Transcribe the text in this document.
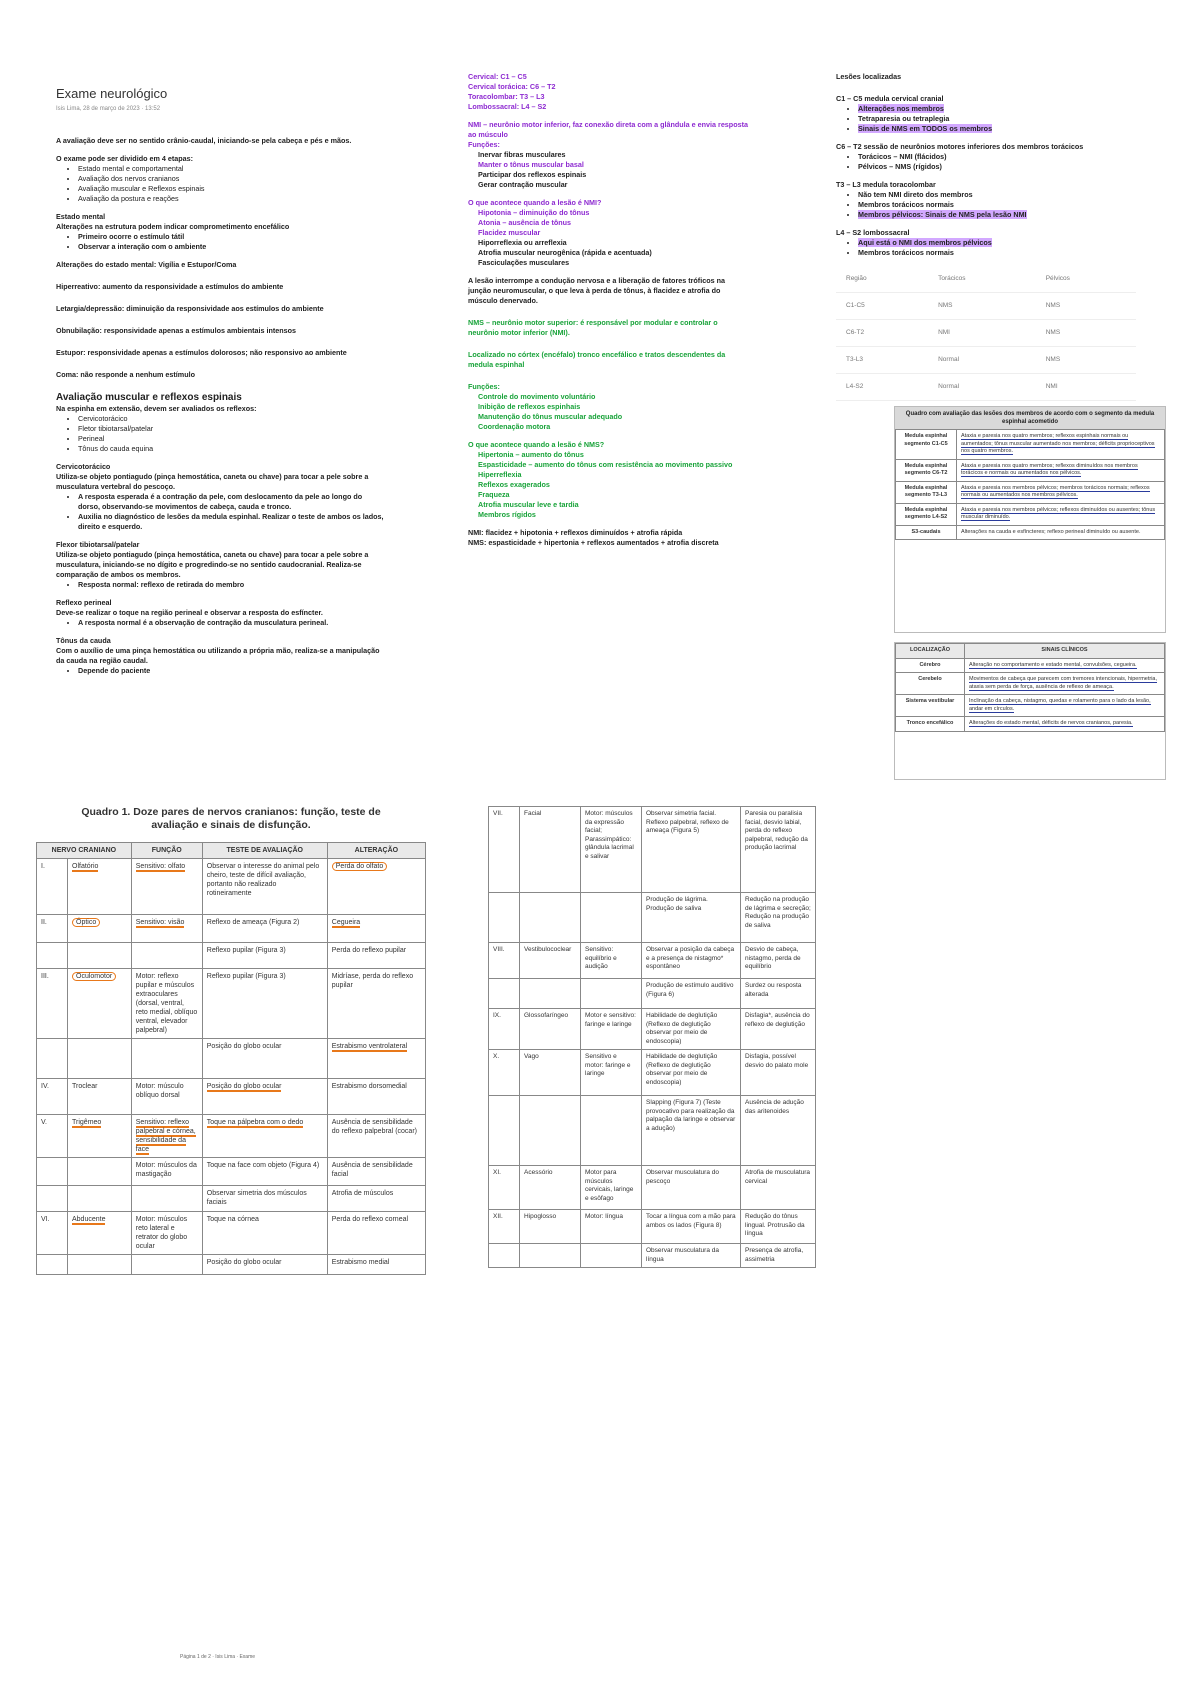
Exame neurológico
Isis Lima, 28 de março de 2023 · 13:52

A avaliação deve ser no sentido crânio-caudal, iniciando-se pela cabeça e pés e mãos.

O exame pode ser dividido em 4 etapas:
• Estado mental e comportamental
• Avaliação dos nervos cranianos
• Avaliação muscular e Reflexos espinais
• Avaliação da postura e reações
Estado mental
Alterações na estrutura podem indicar comprometimento encefálico
• Primeiro ocorre o estímulo tátil
• Observar a interação com o ambiente

Alterações do estado mental: Vigília e Estupor/Coma

Hiperreativo: aumento da responsividade a estímulos do ambiente

Letargia/depressão: diminuição da responsividade aos estímulos do ambiente

Obnubilação: responsividade apenas a estímulos ambientais intensos

Estupor: responsividade apenas a estímulos dolorosos; não responsivo ao ambiente

Coma: não responde a nenhum estímulo

Avaliação muscular e reflexos espinais
Na espinha em extensão, devem ser avaliados os reflexos:
• Cervicotorácico
• Fletor tibiotarsal/patelar
• Perineal
• Tônus do cauda equina
Cervicotorácico
Utiliza-se objeto pontiagudo (pinça hemostática, caneta ou chave) para tocar a pele sobre a musculatura vertebral do pescoço.
• A resposta esperada é a contração da pele, com deslocamento da pele ao longo do dorso, observando-se movimentos de cabeça, cauda e tronco.
• Auxilia no diagnóstico de lesões da medula espinhal. Realizar o teste de ambos os lados, direito e esquerdo.
Flexor tibiotarsal/patelar
Utiliza-se objeto pontiagudo (pinça hemostática, caneta ou chave) para tocar a pele sobre a musculatura, iniciando-se no dígito e progredindo-se no sentido caudocranial. Realiza-se comparação de ambos os membros.
• Resposta normal: reflexo de retirada do membro
Reflexo perineal
Deve-se realizar o toque na região perineal e observar a resposta do esfíncter.
• A resposta normal é a observação de contração da musculatura perineal.
Tônus da cauda
Com o auxílio de uma pinça hemostática ou utilizando a própria mão, realiza-se a manipulação da cauda na região caudal.
• Depende do paciente
Cervical: C1 – C5
Cervical torácica: C6 – T2
Toracolombar: T3 – L3
Lombossacral: L4 – S2
NMI – neurônio motor inferior, faz conexão direta com a glândula e envia resposta ao músculo
Funções:
Inervar fibras musculares
Manter o tônus muscular basal
Participar dos reflexos espinais
Gerar contração muscular
O que acontece quando a lesão é NMI?
Hipotonia – diminuição do tônus
Atonia – ausência de tônus
Flacidez muscular
Hiporreflexia ou arreflexia
Atrofia muscular neurogênica (rápida e acentuada)
Fasciculações musculares

A lesão interrompe a condução nervosa e a liberação de fatores tróficos na junção neuromuscular, o que leva à perda de tônus, à flacidez e atrofia do músculo denervado.

NMS – neurônio motor superior: é responsável por modular e controlar o neurônio motor inferior (NMI).

Localizado no córtex (encéfalo) tronco encefálico e tratos descendentes da medula espinhal

Funções:
Controle do movimento voluntário
Inibição de reflexos espinhais
Manutenção do tônus muscular adequado
Coordenação motora
O que acontece quando a lesão é NMS?
Hipertonia – aumento do tônus
Espasticidade – aumento do tônus com resistência ao movimento passivo
Hiperreflexia
Reflexos exagerados
Fraqueza
Atrofia muscular leve e tardia
Membros rígidos
NMI: flacidez + hipotonia + reflexos diminuídos + atrofia rápida
NMS: espasticidade + hipertonia + reflexos aumentados + atrofia discreta

Lesões localizadas

C1 – C5 medula cervical cranial
• Alterações nos membros
• Tetraparesia ou tetraplegia
• Sinais de NMS em TODOS os membros
C6 – T2 sessão de neurônios motores inferiores dos membros torácicos
• Torácicos – NMI (flácidos)
• Pélvicos – NMS (rígidos)
T3 – L3 medula toracolombar
• Não tem NMI direto dos membros
• Membros torácicos normais
• Membros pélvicos: Sinais de NMS pela lesão NMI
L4 – S2 lombossacral
• Aqui está o NMI dos membros pélvicos
• Membros torácicos normais
Região	Torácicos	Pélvicos
C1-C5	NMS	NMS
C6-T2	NMI	NMS
T3-L3	Normal	NMS
L4-S2	Normal	NMI
Quadro com avaliação das lesões dos membros de acordo com o segmento da medula espinhal acometido
Medula espinhal segmento C1-C5	Ataxia e paresia nos quatro membros; reflexos espinhais normais ou aumentados; tônus muscular aumentado nos membros; déficits proprioceptivos nos quatro membros.
Medula espinhal segmento C6-T2	Ataxia e paresia nos quatro membros; reflexos diminuídos nos membros torácicos e normais ou aumentados nos pélvicos.
Medula espinhal segmento T3-L3	Ataxia e paresia nos membros pélvicos; membros torácicos normais; reflexos normais ou aumentados nos membros pélvicos.
Medula espinhal segmento L4-S2	Ataxia e paresia nos membros pélvicos; reflexos diminuídos ou ausentes; tônus muscular diminuído.
S3-caudais	Alterações na cauda e esfíncteres; reflexo perineal diminuído ou ausente.
LOCALIZAÇÃO	SINAIS CLÍNICOS
Cérebro	Alteração no comportamento e estado mental, convulsões, cegueira.
Cerebelo	Movimentos de cabeça que parecem com tremores intencionais, hipermetria, ataxia sem perda de força, ausência de reflexo de ameaça.
Sistema vestibular	Inclinação da cabeça, nistagmo, quedas e rolamento para o lado da lesão, andar em círculos.
Tronco encefálico	Alterações do estado mental, déficits de nervos cranianos, paresia.
Quadro 1. Doze pares de nervos cranianos: função, teste de avaliação e sinais de disfunção.
NERVO CRANIANO		FUNÇÃO	TESTE DE AVALIAÇÃO	ALTERAÇÃO
I.	Olfatório	Sensitivo: olfato	Observar o interesse do animal pelo cheiro, teste de difícil avaliação, portanto não realizado rotineiramente	Perda do olfato
II.	Óptico	Sensitivo: visão	Reflexo de ameaça (Figura 2)	Cegueira
			Reflexo pupilar (Figura 3)	Perda do reflexo pupilar
III.	Oculomotor	Motor: reflexo pupilar e músculos extraoculares (dorsal, ventral, reto medial, oblíquo ventral, elevador palpebral)	Reflexo pupilar (Figura 3)	Midríase, perda do reflexo pupilar
			Posição do globo ocular	Estrabismo ventrolateral
IV.	Troclear	Motor: músculo oblíquo dorsal	Posição do globo ocular	Estrabismo dorsomedial
V.	Trigêmeo	Sensitivo: reflexo palpebral e córnea, sensibilidade da face	Toque na pálpebra com o dedo	Ausência de sensibilidade do reflexo palpebral (cocar)
		Motor: músculos da mastigação	Toque na face com objeto (Figura 4)	Ausência de sensibilidade facial
			Observar simetria dos músculos faciais	Atrofia de músculos
VI.	Abducente	Motor: músculos reto lateral e retrator do globo ocular	Toque na córnea	Perda do reflexo corneal
			Posição do globo ocular	Estrabismo medial
VII.	Facial	Motor: músculos da expressão facial; Parassimpático: glândula lacrimal e salivar	Observar simetria facial. Reflexo palpebral, reflexo de ameaça (Figura 5)	Paresia ou paralisia facial, desvio labial, perda do reflexo palpebral, redução da produção lacrimal
			Produção de lágrima. Produção de saliva	Redução na produção de lágrima e secreção; Redução na produção de saliva
VIII.	Vestibulococlear	Sensitivo: equilíbrio e audição	Observar a posição da cabeça e a presença de nistagmo* espontâneo	Desvio de cabeça, nistagmo, perda de equilíbrio
			Produção de estímulo auditivo (Figura 6)	Surdez ou resposta alterada
IX.	Glossofaríngeo	Motor e sensitivo: faringe e laringe	Habilidade de deglutição (Reflexo de deglutição observar por meio de endoscopia)	Disfagia*, ausência do reflexo de deglutição
X.	Vago	Sensitivo e motor: faringe e laringe	Habilidade de deglutição (Reflexo de deglutição observar por meio de endoscopia)	Disfagia, possível desvio do palato mole
			Slapping (Figura 7) (Teste provocativo para realização da palpação da laringe e observar a adução)	Ausência de adução das aritenoides
XI.	Acessório	Motor para músculos cervicais, laringe e esôfago	Observar musculatura do pescoço	Atrofia de musculatura cervical
XII.	Hipoglosso	Motor: língua	Tocar a língua com a mão para ambos os lados (Figura 8)	Redução do tônus lingual. Protrusão da língua
			Observar musculatura da língua	Presença de atrofia, assimetria
Página 1 de 2 · Isis Lima · Exame
